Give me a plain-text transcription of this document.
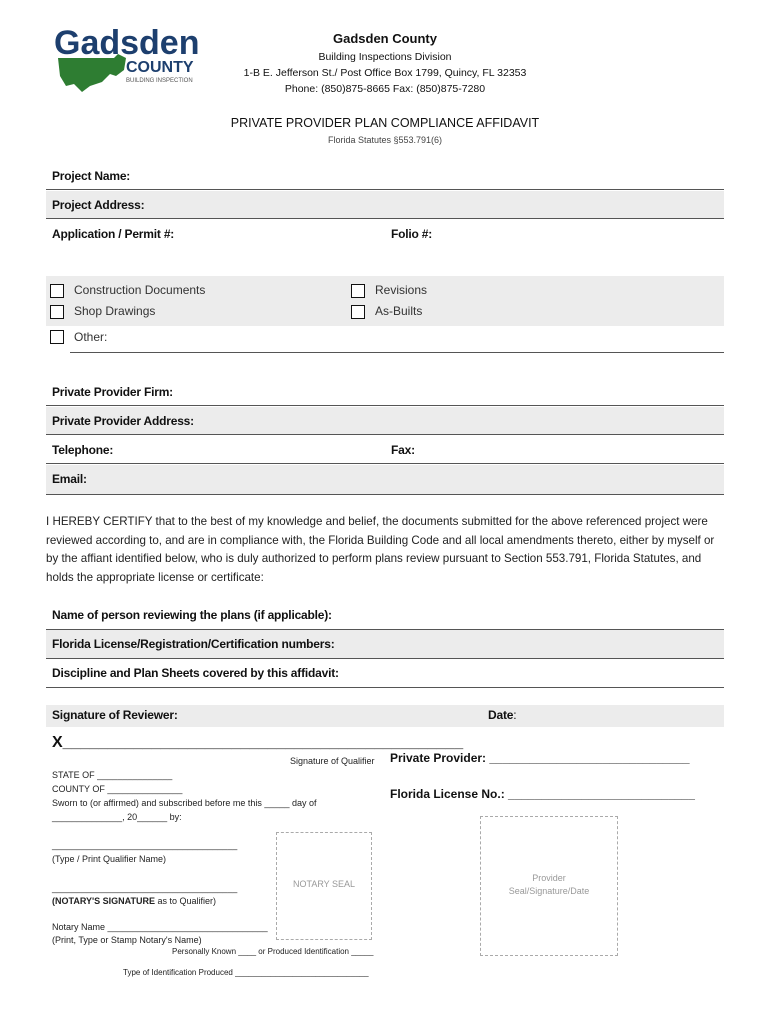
Gadsden
COUNTY
BUILDING INSPECTION
Gadsden County
Building Inspections Division
1-B E. Jefferson St./ Post Office Box 1799, Quincy, FL 32353
Phone: (850)875-8665 Fax: (850)875-7280
PRIVATE PROVIDER PLAN COMPLIANCE AFFIDAVIT
Florida Statutes §553.791(6)
Project Name:
Project Address:
Application / Permit #:	Folio #:
Construction Documents
Shop Drawings
Revisions
As-Builts
Other:
Private Provider Firm:
Private Provider Address:
Telephone:	Fax:
Email:
I HEREBY CERTIFY that to the best of my knowledge and belief, the documents submitted for the above referenced project were reviewed according to, and are in compliance with, the Florida Building Code and all local amendments thereto, either by myself or by the affiant identified below, who is duly authorized to perform plans review pursuant to Section 553.791, Florida Statutes, and holds the appropriate license or certificate:
Name of person reviewing the plans (if applicable):
Florida License/Registration/Certification numbers:
Discipline and Plan Sheets covered by this affidavit:
Signature of Reviewer:	Date:
X_____________________________________________
Signature of Qualifier
STATE OF _______________
COUNTY OF _______________
Sworn to (or affirmed) and subscribed before me this _____ day of
______________, 20______ by:
_____________________________________
(Type / Print Qualifier Name)
_____________________________________
(NOTARY'S SIGNATURE as to Qualifier)
Notary Name ________________________________
(Print, Type or Stamp Notary's Name)
Personally Known ____ or Produced Identification _____
Type of Identification Produced ______________________________
NOTARY SEAL
Private Provider: ______________________________
Florida License No.: ____________________________
Provider
Seal/Signature/Date
